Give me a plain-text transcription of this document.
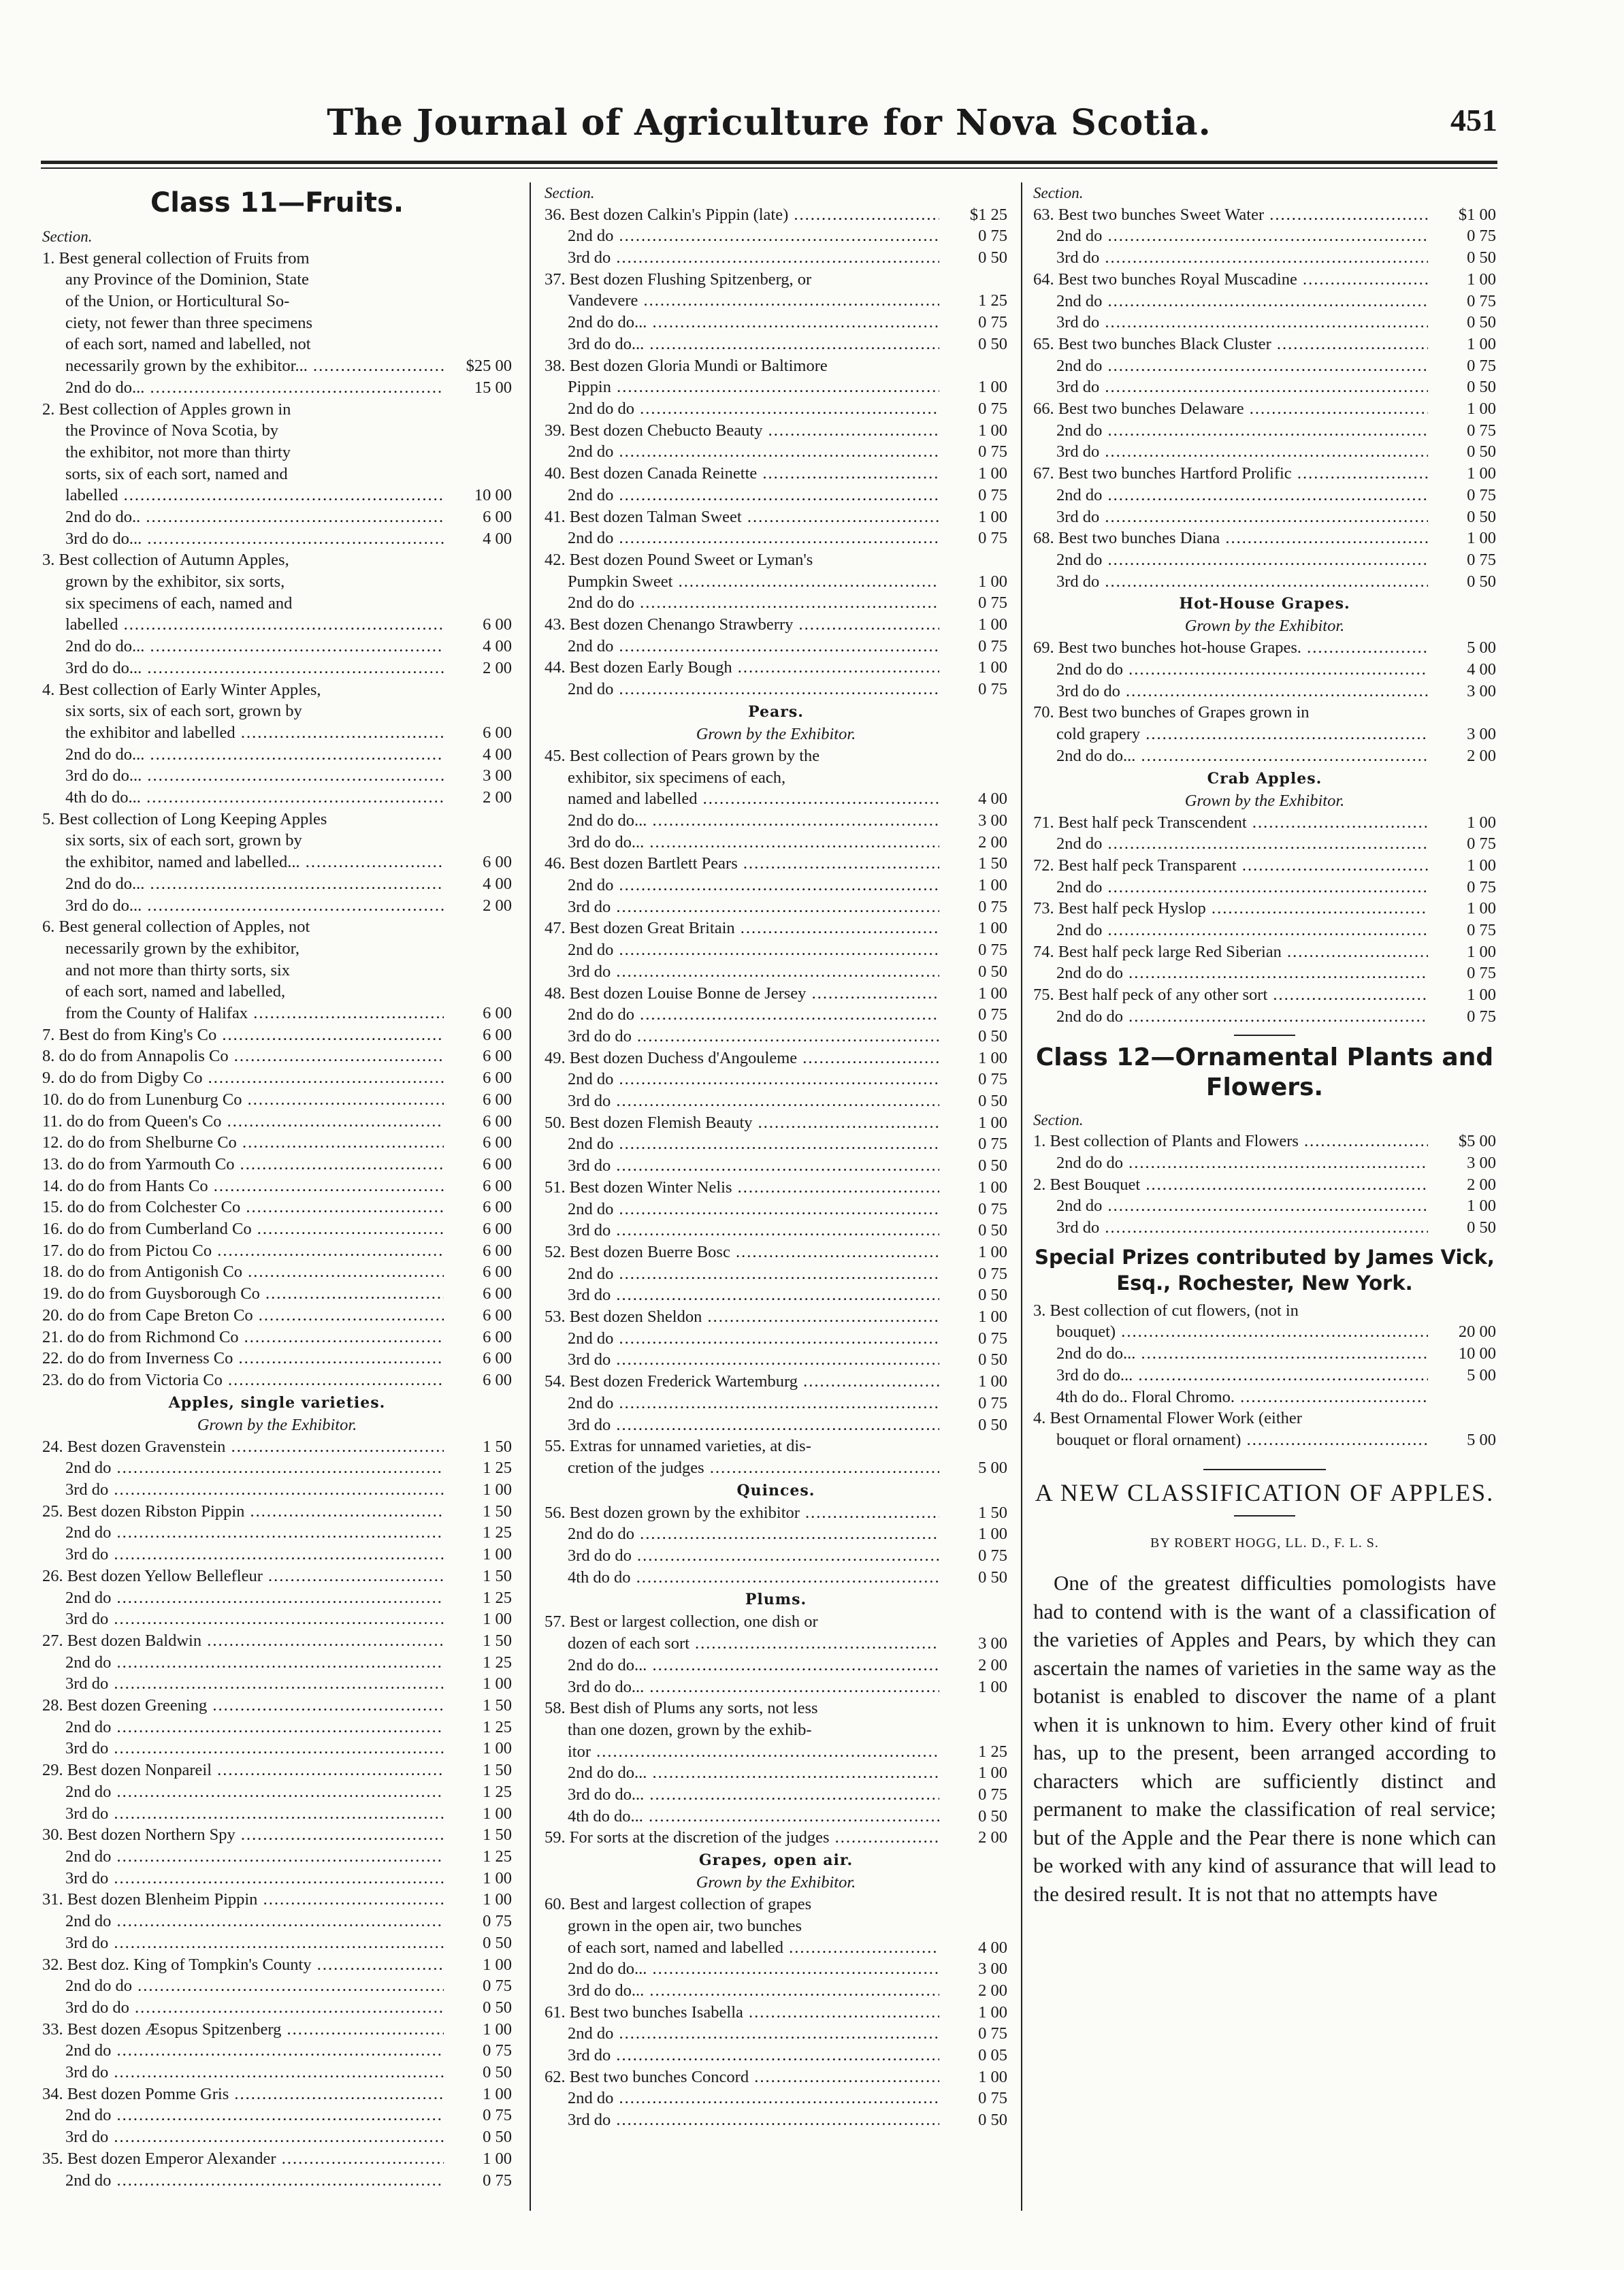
The Journal of Agriculture for Nova Scotia.	451
Class 11—Fruits.
Section.
1. Best general collection of Fruits from
any Province of the Dominion, State
of the Union, or Horticultural So-
ciety, not fewer than three specimens
of each sort, named and labelled, not
necessarily grown by the exhibitor... .....	$25 00
2nd do do... .....	15 00
2. Best collection of Apples grown in
the Province of Nova Scotia, by
the exhibitor, not more than thirty
sorts, six of each sort, named and
labelled .....	10 00
2nd do do.. .....	6 00
3rd do do... .....	4 00
3. Best collection of Autumn Apples,
grown by the exhibitor, six sorts,
six specimens of each, named and
labelled .....	6 00
2nd do do... .....	4 00
3rd do do... .....	2 00
4. Best collection of Early Winter Apples,
six sorts, six of each sort, grown by
the exhibitor and labelled .....	6 00
2nd do do... .....	4 00
3rd do do... .....	3 00
4th do do... .....	2 00
5. Best collection of Long Keeping Apples
six sorts, six of each sort, grown by
the exhibitor, named and labelled... .....	6 00
2nd do do... .....	4 00
3rd do do... .....	2 00
6. Best general collection of Apples, not
necessarily grown by the exhibitor,
and not more than thirty sorts, six
of each sort, named and labelled,
from the County of Halifax .....	6 00
7. Best do from King's Co .....	6 00
8. do do from Annapolis Co .....	6 00
9. do do from Digby Co .....	6 00
10. do do from Lunenburg Co .....	6 00
11. do do from Queen's Co .....	6 00
12. do do from Shelburne Co .....	6 00
13. do do from Yarmouth Co .....	6 00
14. do do from Hants Co .....	6 00
15. do do from Colchester Co .....	6 00
16. do do from Cumberland Co .....	6 00
17. do do from Pictou Co .....	6 00
18. do do from Antigonish Co .....	6 00
19. do do from Guysborough Co .....	6 00
20. do do from Cape Breton Co .....	6 00
21. do do from Richmond Co .....	6 00
22. do do from Inverness Co .....	6 00
23. do do from Victoria Co .....	6 00
Apples, single varieties.
Grown by the Exhibitor.
24. Best dozen Gravenstein .....	1 50
2nd do .....	1 25
3rd do .....	1 00
25. Best dozen Ribston Pippin .....	1 50
2nd do .....	1 25
3rd do .....	1 00
26. Best dozen Yellow Bellefleur .....	1 50
2nd do .....	1 25
3rd do .....	1 00
27. Best dozen Baldwin .....	1 50
2nd do .....	1 25
3rd do .....	1 00
28. Best dozen Greening .....	1 50
2nd do .....	1 25
3rd do .....	1 00
29. Best dozen Nonpareil .....	1 50
2nd do .....	1 25
3rd do .....	1 00
30. Best dozen Northern Spy .....	1 50
2nd do .....	1 25
3rd do .....	1 00
31. Best dozen Blenheim Pippin .....	1 00
2nd do .....	0 75
3rd do .....	0 50
32. Best doz. King of Tompkin's County .....	1 00
2nd do do .....	0 75
3rd do do .....	0 50
33. Best dozen Æsopus Spitzenberg .....	1 00
2nd do .....	0 75
3rd do .....	0 50
34. Best dozen Pomme Gris .....	1 00
2nd do .....	0 75
3rd do .....	0 50
35. Best dozen Emperor Alexander .....	1 00
2nd do .....	0 75
Section.
36. Best dozen Calkin's Pippin (late) .....	$1 25
2nd do .....	0 75
3rd do .....	0 50
37. Best dozen Flushing Spitzenberg, or
Vandevere .....	1 25
2nd do do... .....	0 75
3rd do do... .....	0 50
38. Best dozen Gloria Mundi or Baltimore
Pippin .....	1 00
2nd do do .....	0 75
39. Best dozen Chebucto Beauty .....	1 00
2nd do .....	0 75
40. Best dozen Canada Reinette .....	1 00
2nd do .....	0 75
41. Best dozen Talman Sweet .....	1 00
2nd do .....	0 75
42. Best dozen Pound Sweet or Lyman's
Pumpkin Sweet .....	1 00
2nd do do .....	0 75
43. Best dozen Chenango Strawberry .....	1 00
2nd do .....	0 75
44. Best dozen Early Bough .....	1 00
2nd do .....	0 75
Pears.
Grown by the Exhibitor.
45. Best collection of Pears grown by the
exhibitor, six specimens of each,
named and labelled .....	4 00
2nd do do... .....	3 00
3rd do do... .....	2 00
46. Best dozen Bartlett Pears .....	1 50
2nd do .....	1 00
3rd do .....	0 75
47. Best dozen Great Britain .....	1 00
2nd do .....	0 75
3rd do .....	0 50
48. Best dozen Louise Bonne de Jersey .....	1 00
2nd do do .....	0 75
3rd do do .....	0 50
49. Best dozen Duchess d'Angouleme .....	1 00
2nd do .....	0 75
3rd do .....	0 50
50. Best dozen Flemish Beauty .....	1 00
2nd do .....	0 75
3rd do .....	0 50
51. Best dozen Winter Nelis .....	1 00
2nd do .....	0 75
3rd do .....	0 50
52. Best dozen Buerre Bosc .....	1 00
2nd do .....	0 75
3rd do .....	0 50
53. Best dozen Sheldon .....	1 00
2nd do .....	0 75
3rd do .....	0 50
54. Best dozen Frederick Wartemburg .....	1 00
2nd do .....	0 75
3rd do .....	0 50
55. Extras for unnamed varieties, at dis-
cretion of the judges .....	5 00
Quinces.
56. Best dozen grown by the exhibitor .....	1 50
2nd do do .....	1 00
3rd do do .....	0 75
4th do do .....	0 50
Plums.
57. Best or largest collection, one dish or
dozen of each sort .....	3 00
2nd do do... .....	2 00
3rd do do... .....	1 00
58. Best dish of Plums any sorts, not less
than one dozen, grown by the exhib-
itor .....	1 25
2nd do do... .....	1 00
3rd do do... .....	0 75
4th do do... .....	0 50
59. For sorts at the discretion of the judges .....	2 00
Grapes, open air.
Grown by the Exhibitor.
60. Best and largest collection of grapes
grown in the open air, two bunches
of each sort, named and labelled .....	4 00
2nd do do... .....	3 00
3rd do do... .....	2 00
61. Best two bunches Isabella .....	1 00
2nd do .....	0 75
3rd do .....	0 05
62. Best two bunches Concord .....	1 00
2nd do .....	0 75
3rd do .....	0 50
Section.
63. Best two bunches Sweet Water .....	$1 00
2nd do .....	0 75
3rd do .....	0 50
64. Best two bunches Royal Muscadine .....	1 00
2nd do .....	0 75
3rd do .....	0 50
65. Best two bunches Black Cluster .....	1 00
2nd do .....	0 75
3rd do .....	0 50
66. Best two bunches Delaware .....	1 00
2nd do .....	0 75
3rd do .....	0 50
67. Best two bunches Hartford Prolific .....	1 00
2nd do .....	0 75
3rd do .....	0 50
68. Best two bunches Diana .....	1 00
2nd do .....	0 75
3rd do .....	0 50
Hot-House Grapes.
Grown by the Exhibitor.
69. Best two bunches hot-house Grapes. .....	5 00
2nd do do .....	4 00
3rd do do .....	3 00
70. Best two bunches of Grapes grown in
cold grapery .....	3 00
2nd do do... .....	2 00
Crab Apples.
Grown by the Exhibitor.
71. Best half peck Transcendent .....	1 00
2nd do .....	0 75
72. Best half peck Transparent .....	1 00
2nd do .....	0 75
73. Best half peck Hyslop .....	1 00
2nd do .....	0 75
74. Best half peck large Red Siberian .....	1 00
2nd do do .....	0 75
75. Best half peck of any other sort .....	1 00
2nd do do .....	0 75
Class 12—Ornamental Plants and Flowers.
Section.
1. Best collection of Plants and Flowers .....	$5 00
2nd do do .....	3 00
2. Best Bouquet .....	2 00
2nd do .....	1 00
3rd do .....	0 50
Special Prizes contributed by James Vick, Esq., Rochester, New York.
3. Best collection of cut flowers, (not in
bouquet) .....	20 00
2nd do do... .....	10 00
3rd do do... .....	5 00
4th do do.. Floral Chromo. .....
4. Best Ornamental Flower Work (either
bouquet or floral ornament) .....	5 00
A NEW CLASSIFICATION OF APPLES.
BY ROBERT HOGG, LL. D., F. L. S.
One of the greatest difficulties pomologists have had to contend with is the want of a classification of the varieties of Apples and Pears, by which they can ascertain the names of varieties in the same way as the botanist is enabled to discover the name of a plant when it is unknown to him. Every other kind of fruit has, up to the present, been arranged according to characters which are sufficiently distinct and permanent to make the classification of real service; but of the Apple and the Pear there is none which can be worked with any kind of assurance that will lead to the desired result. It is not that no attempts have
